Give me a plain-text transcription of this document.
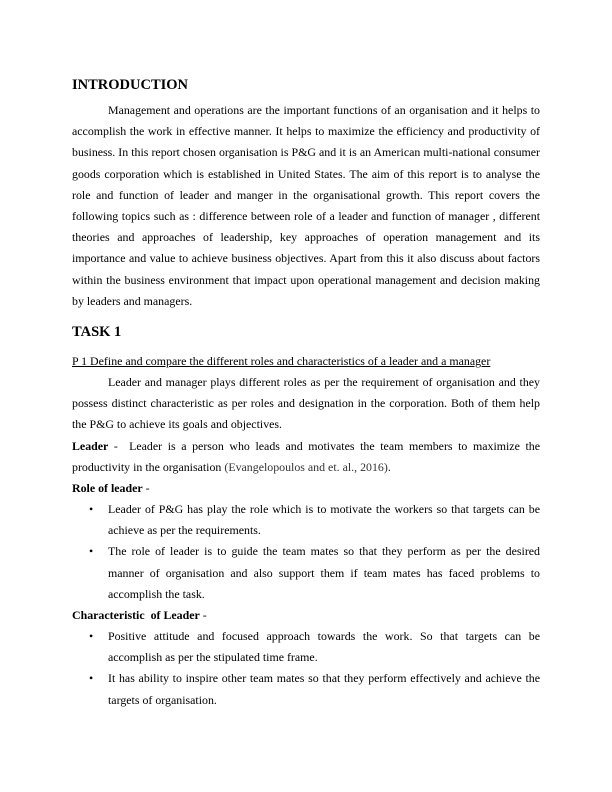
INTRODUCTION

Management and operations are the important functions of an organisation and it helps to accomplish the work in effective manner. It helps to maximize the efficiency and productivity of business. In this report chosen organisation is P&G and it is an American multi-national consumer goods corporation which is established in United States. The aim of this report is to analyse the role and function of leader and manger in the organisational growth. This report covers the following topics such as : difference between role of a leader and function of manager , different theories and approaches of leadership, key approaches of operation management and its importance and value to achieve business objectives. Apart from this it also discuss about factors within the business environment that impact upon operational management and decision making by leaders and managers.

TASK 1

P 1 Define and compare the different roles and characteristics of a leader and a manager

Leader and manager plays different roles as per the requirement of organisation and they possess distinct characteristic as per roles and designation in the corporation. Both of them help the P&G to achieve its goals and objectives.

Leader -  Leader is a person who leads and motivates the team members to maximize the productivity in the organisation (Evangelopoulos and et. al., 2016).

Role of leader -

• Leader of P&G has play the role which is to motivate the workers so that targets can be achieve as per the requirements.
• The role of leader is to guide the team mates so that they perform as per the desired manner of organisation and also support them if team mates has faced problems to accomplish the task.

Characteristic  of Leader -

• Positive attitude and focused approach towards the work. So that targets can be accomplish as per the stipulated time frame.
• It has ability to inspire other team mates so that they perform effectively and achieve the targets of organisation.
